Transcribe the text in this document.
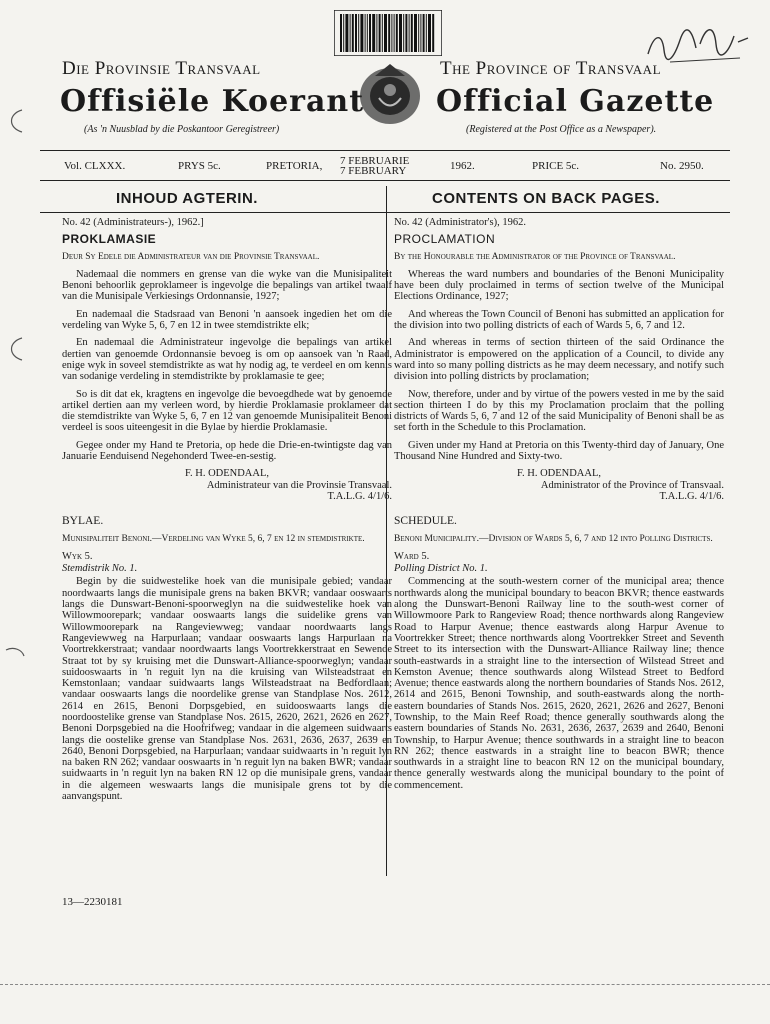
Die Provinsie Transvaal	The Province of Transvaal
Offisiële Koerant Official Gazette
(As 'n Nuusblad by die Poskantoor Geregistreer)	(Registered at the Post Office as a Newspaper).
Vol. CLXXX.	PRYS 5c.	PRETORIA, 7 FEBRUARIE
7 FEBRUARY	1962.	PRICE 5c.	No. 2950.
INHOUD AGTERIN.	CONTENTS ON BACK PAGES.

No. 42 (Administrateurs-), 1962.]

PROKLAMASIE

Deur Sy Edele die Administrateur van die Provinsie Transvaal.

Nademaal die nommers en grense van die wyke van die Munisipaliteit Benoni behoorlik geproklameer is ingevolge die bepalings van artikel twaalf van die Munisipale Verkiesings Ordonnansie, 1927;

En nademaal die Stadsraad van Benoni 'n aansoek ingedien het om die verdeling van Wyke 5, 6, 7 en 12 in twee stemdistrikte elk;

En nademaal die Administrateur ingevolge die bepalings van artikel dertien van genoemde Ordonnansie bevoeg is om op aansoek van 'n Raad, enige wyk in soveel stemdistrikte as wat hy nodig ag, te verdeel en om kennis van sodanige verdeling in stemdistrikte by proklamasie te gee;

So is dit dat ek, kragtens en ingevolge die bevoegdhede wat by genoemde artikel dertien aan my verleen word, by hierdie Proklamasie proklameer dat die stemdistrikte van Wyke 5, 6, 7 en 12 van genoemde Munisipaliteit Benoni verdeel is soos uiteengesit in die Bylae by hierdie Proklamasie.

Gegee onder my Hand te Pretoria, op hede die Drie-en-twintigste dag van Januarie Eenduisend Negehonderd Twee-en-sestig.

F. H. ODENDAAL,
Administrateur van die Provinsie Transvaal.
T.A.L.G. 4/1/6.

BYLAE.

Munisipaliteit Benoni.—Verdeling van Wyke 5, 6, 7 en 12 in stemdistrikte.

Wyk 5.

Stemdistrik No. 1.

Begin by die suidwestelike hoek van die munisipale gebied; vandaar noordwaarts langs die munisipale grens na baken BKVR; vandaar ooswaarts langs die Dunswart-Benoni-spoorweglyn na die suidwestelike hoek van Willowmoorepark; vandaar ooswaarts langs die suidelike grens van Willowmoorepark na Rangeviewweg; vandaar noordwaarts langs Rangeviewweg na Harpurlaan; vandaar ooswaarts langs Harpurlaan na Voortrekkerstraat; vandaar noordwaarts langs Voortrekkerstraat en Sewende Straat tot by sy kruising met die Dunswart-Alliance-spoorweglyn; vandaar suidooswaarts in 'n reguit lyn na die kruising van Wilsteadstraat en Kemstonlaan; vandaar suidwaarts langs Wilsteadstraat na Bedfordlaan; vandaar ooswaarts langs die noordelike grense van Standplase Nos. 2612, 2614 en 2615, Benoni Dorpsgebied, en suidooswaarts langs die noordoostelike grense van Standplase Nos. 2615, 2620, 2621, 2626 en 2627, Benoni Dorpsgebied na die Hoofrifweg; vandaar in die algemeen suidwaarts langs die oostelike grense van Standplase Nos. 2631, 2636, 2637, 2639 en 2640, Benoni Dorpsgebied, na Harpurlaan; vandaar suidwaarts in 'n reguit lyn na baken RN 262; vandaar ooswaarts in 'n reguit lyn na baken BWR; vandaar suidwaarts in 'n reguit lyn na baken RN 12 op die munisipale grens, vandaar in die algemeen weswaarts langs die munisipale grens tot by die aanvangspunt.

No. 42 (Administrator's), 1962.

PROCLAMATION

By the Honourable the Administrator of the Province of Transvaal.

Whereas the ward numbers and boundaries of the Benoni Municipality have been duly proclaimed in terms of section twelve of the Municipal Elections Ordinance, 1927;

And whereas the Town Council of Benoni has submitted an application for the division into two polling districts of each of Wards 5, 6, 7 and 12.

And whereas in terms of section thirteen of the said Ordinance the Administrator is empowered on the application of a Council, to divide any ward into so many polling districts as he may deem necessary, and notify such division into polling districts by proclamation;

Now, therefore, under and by virtue of the powers vested in me by the said section thirteen I do by this my Proclamation proclaim that the polling districts of Wards 5, 6, 7 and 12 of the said Municipality of Benoni shall be as set forth in the Schedule to this Proclamation.

Given under my Hand at Pretoria on this Twenty-third day of January, One Thousand Nine Hundred and Sixty-two.

F. H. ODENDAAL,
Administrator of the Province of Transvaal.
T.A.L.G. 4/1/6.

SCHEDULE.

Benoni Municipality.—Division of Wards 5, 6, 7 and 12 into Polling Districts.

Ward 5.

Polling District No. 1.

Commencing at the south-western corner of the municipal area; thence northwards along the municipal boundary to beacon BKVR; thence eastwards along the Dunswart-Benoni Railway line to the south-west corner of Willowmoore Park to Rangeview Road; thence northwards along Rangeview Road to Harpur Avenue; thence eastwards along Harpur Avenue to Voortrekker Street; thence northwards along Voortrekker Street and Seventh Street to its intersection with the Dunswart-Alliance Railway line; thence south-eastwards in a straight line to the intersection of Wilstead Street and Kemston Avenue; thence southwards along Wilstead Street to Bedford Avenue; thence eastwards along the northern boundaries of Stands Nos. 2612, 2614 and 2615, Benoni Township, and south-eastwards along the north-eastern boundaries of Stands Nos. 2615, 2620, 2621, 2626 and 2627, Benoni Township, to the Main Reef Road; thence generally southwards along the eastern boundaries of Stands No. 2631, 2636, 2637, 2639 and 2640, Benoni Township, to Harpur Avenue; thence southwards in a straight line to beacon RN 262; thence eastwards in a straight line to beacon BWR; thence southwards in a straight line to beacon RN 12 on the municipal boundary, thence generally westwards along the municipal boundary to the point of commencement.

13—2230181
